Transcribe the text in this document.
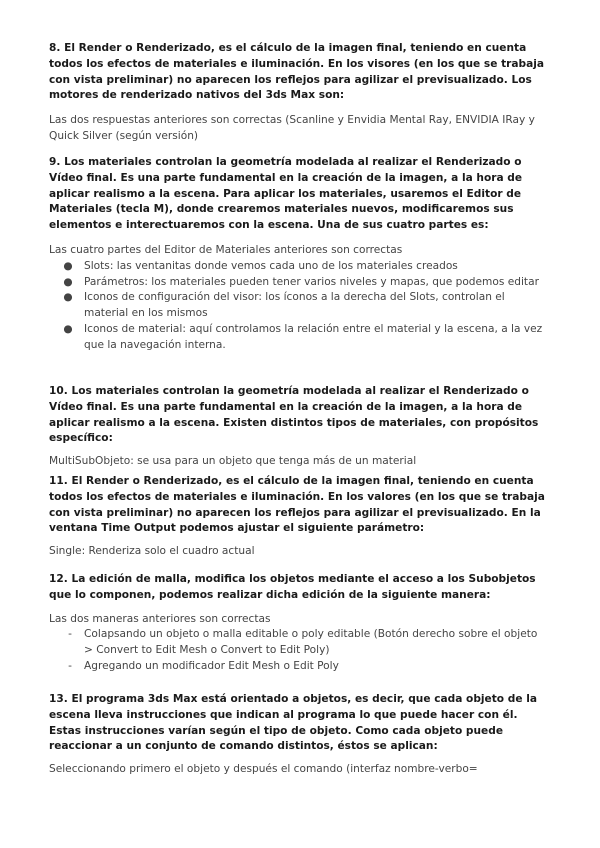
8. El Render o Renderizado, es el cálculo de la imagen final, teniendo en cuenta todos los efectos de materiales e iluminación. En los visores (en los que se trabaja con vista preliminar) no aparecen los reflejos para agilizar el previsualizado. Los motores de renderizado nativos del 3ds Max son:

Las dos respuestas anteriores son correctas (Scanline y Envidia Mental Ray, ENVIDIA IRay y Quick Silver (según versión)

9. Los materiales controlan la geometría modelada al realizar el Renderizado o Vídeo final. Es una parte fundamental en la creación de la imagen, a la hora de aplicar realismo a la escena. Para aplicar los materiales, usaremos el Editor de Materiales (tecla M), donde crearemos materiales nuevos, modificaremos sus elementos e interectuaremos con la escena. Una de sus cuatro partes es:

Las cuatro partes del Editor de Materiales anteriores son correctas

● Slots: las ventanitas donde vemos cada uno de los materiales creados
● Parámetros: los materiales pueden tener varios niveles y mapas, que podemos editar
● Iconos de configuración del visor: los íconos a la derecha del Slots, controlan el material en los mismos
● Iconos de material: aquí controlamos la relación entre el material y la escena, a la vez que la navegación interna.

10. Los materiales controlan la geometría modelada al realizar el Renderizado o Vídeo final. Es una parte fundamental en la creación de la imagen, a la hora de aplicar realismo a la escena. Existen distintos tipos de materiales, con propósitos específico:

MultiSubObjeto: se usa para un objeto que tenga más de un material

11. El Render o Renderizado, es el cálculo de la imagen final, teniendo en cuenta todos los efectos de materiales e iluminación. En los valores (en los que se trabaja con vista preliminar) no aparecen los reflejos para agilizar el previsualizado. En la ventana Time Output podemos ajustar el siguiente parámetro:

Single: Renderiza solo el cuadro actual

12. La edición de malla, modifica los objetos mediante el acceso a los Subobjetos que lo componen, podemos realizar dicha edición de la siguiente manera:

Las dos maneras anteriores son correctas

-	Colapsando un objeto o malla editable o poly editable (Botón derecho sobre el objeto > Convert to Edit Mesh o Convert to Edit Poly)
-	Agregando un modificador Edit Mesh o Edit Poly

13. El programa 3ds Max está orientado a objetos, es decir, que cada objeto de la escena lleva instrucciones que indican al programa lo que puede hacer con él. Estas instrucciones varían según el tipo de objeto. Como cada objeto puede reaccionar a un conjunto de comando distintos, éstos se aplican:

Seleccionando primero el objeto y después el comando (interfaz nombre-verbo=
